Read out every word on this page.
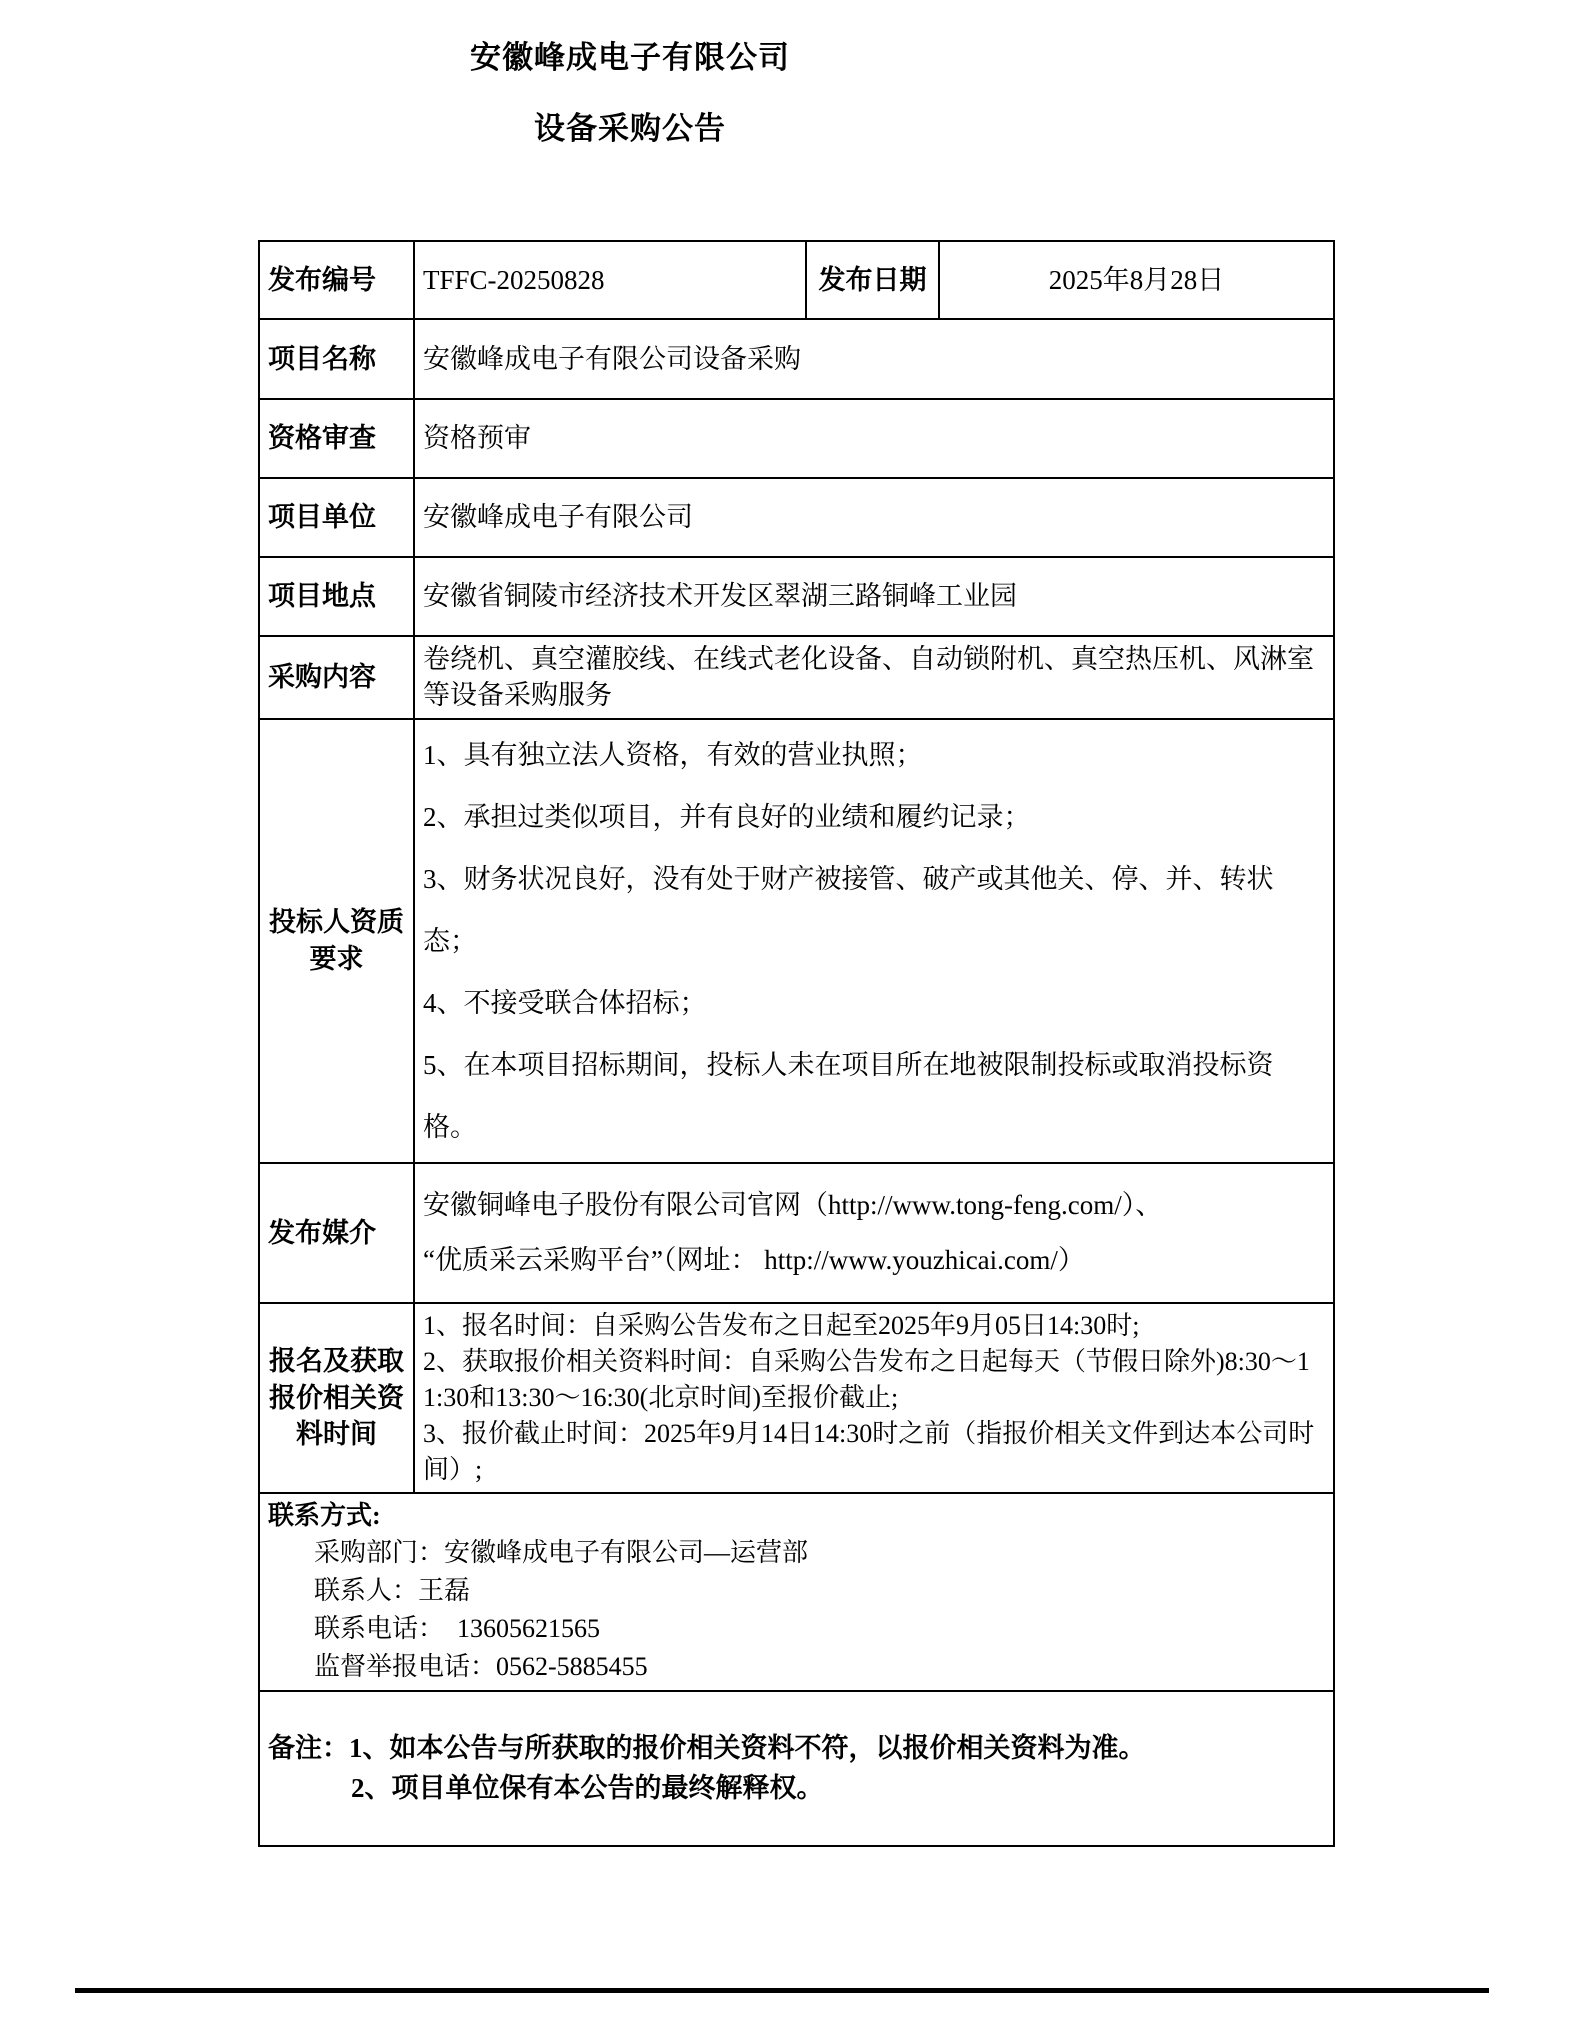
安徽峰成电子有限公司
设备采购公告
发布编号	TFFC-20250828	发布日期	2025年8月28日
项目名称	安徽峰成电子有限公司设备采购		
资格审查	资格预审		
项目单位	安徽峰成电子有限公司		
项目地点	安徽省铜陵市经济技术开发区翠湖三路铜峰工业园		
采购内容	卷绕机、真空灌胶线、在线式老化设备、自动锁附机、真空热压机、风淋室等设备采购服务		
投标人资质要求	1、具有独立法人资格，有效的营业执照；
2、承担过类似项目，并有良好的业绩和履约记录；
3、财务状况良好，没有处于财产被接管、破产或其他关、停、并、转状态；
4、不接受联合体招标；
5、在本项目招标期间，投标人未在项目所在地被限制投标或取消投标资格。		

发布媒介	安徽铜峰电子股份有限公司官网（http://www.tong-feng.com/）、
“优质采云采购平台”（网址： http://www.youzhicai.com/）		

报名及获取报价相关资料时间	1、报名时间：自采购公告发布之日起至2025年9月05日14:30时;
2、获取报价相关资料时间：自采购公告发布之日起每天（节假日除外)8:30～11:30和13:30～16:30(北京时间)至报价截止;
3、报价截止时间：2025年9月14日14:30时之前（指报价相关文件到达本公司时间）;		

联系方式:
采购部门：安徽峰成电子有限公司—运营部
联系人：王磊
联系电话：  13605621565
监督举报电话：0562-5885455			

备注：1、如本公告与所获取的报价相关资料不符，以报价相关资料为准。
2、项目单位保有本公告的最终解释权。			
